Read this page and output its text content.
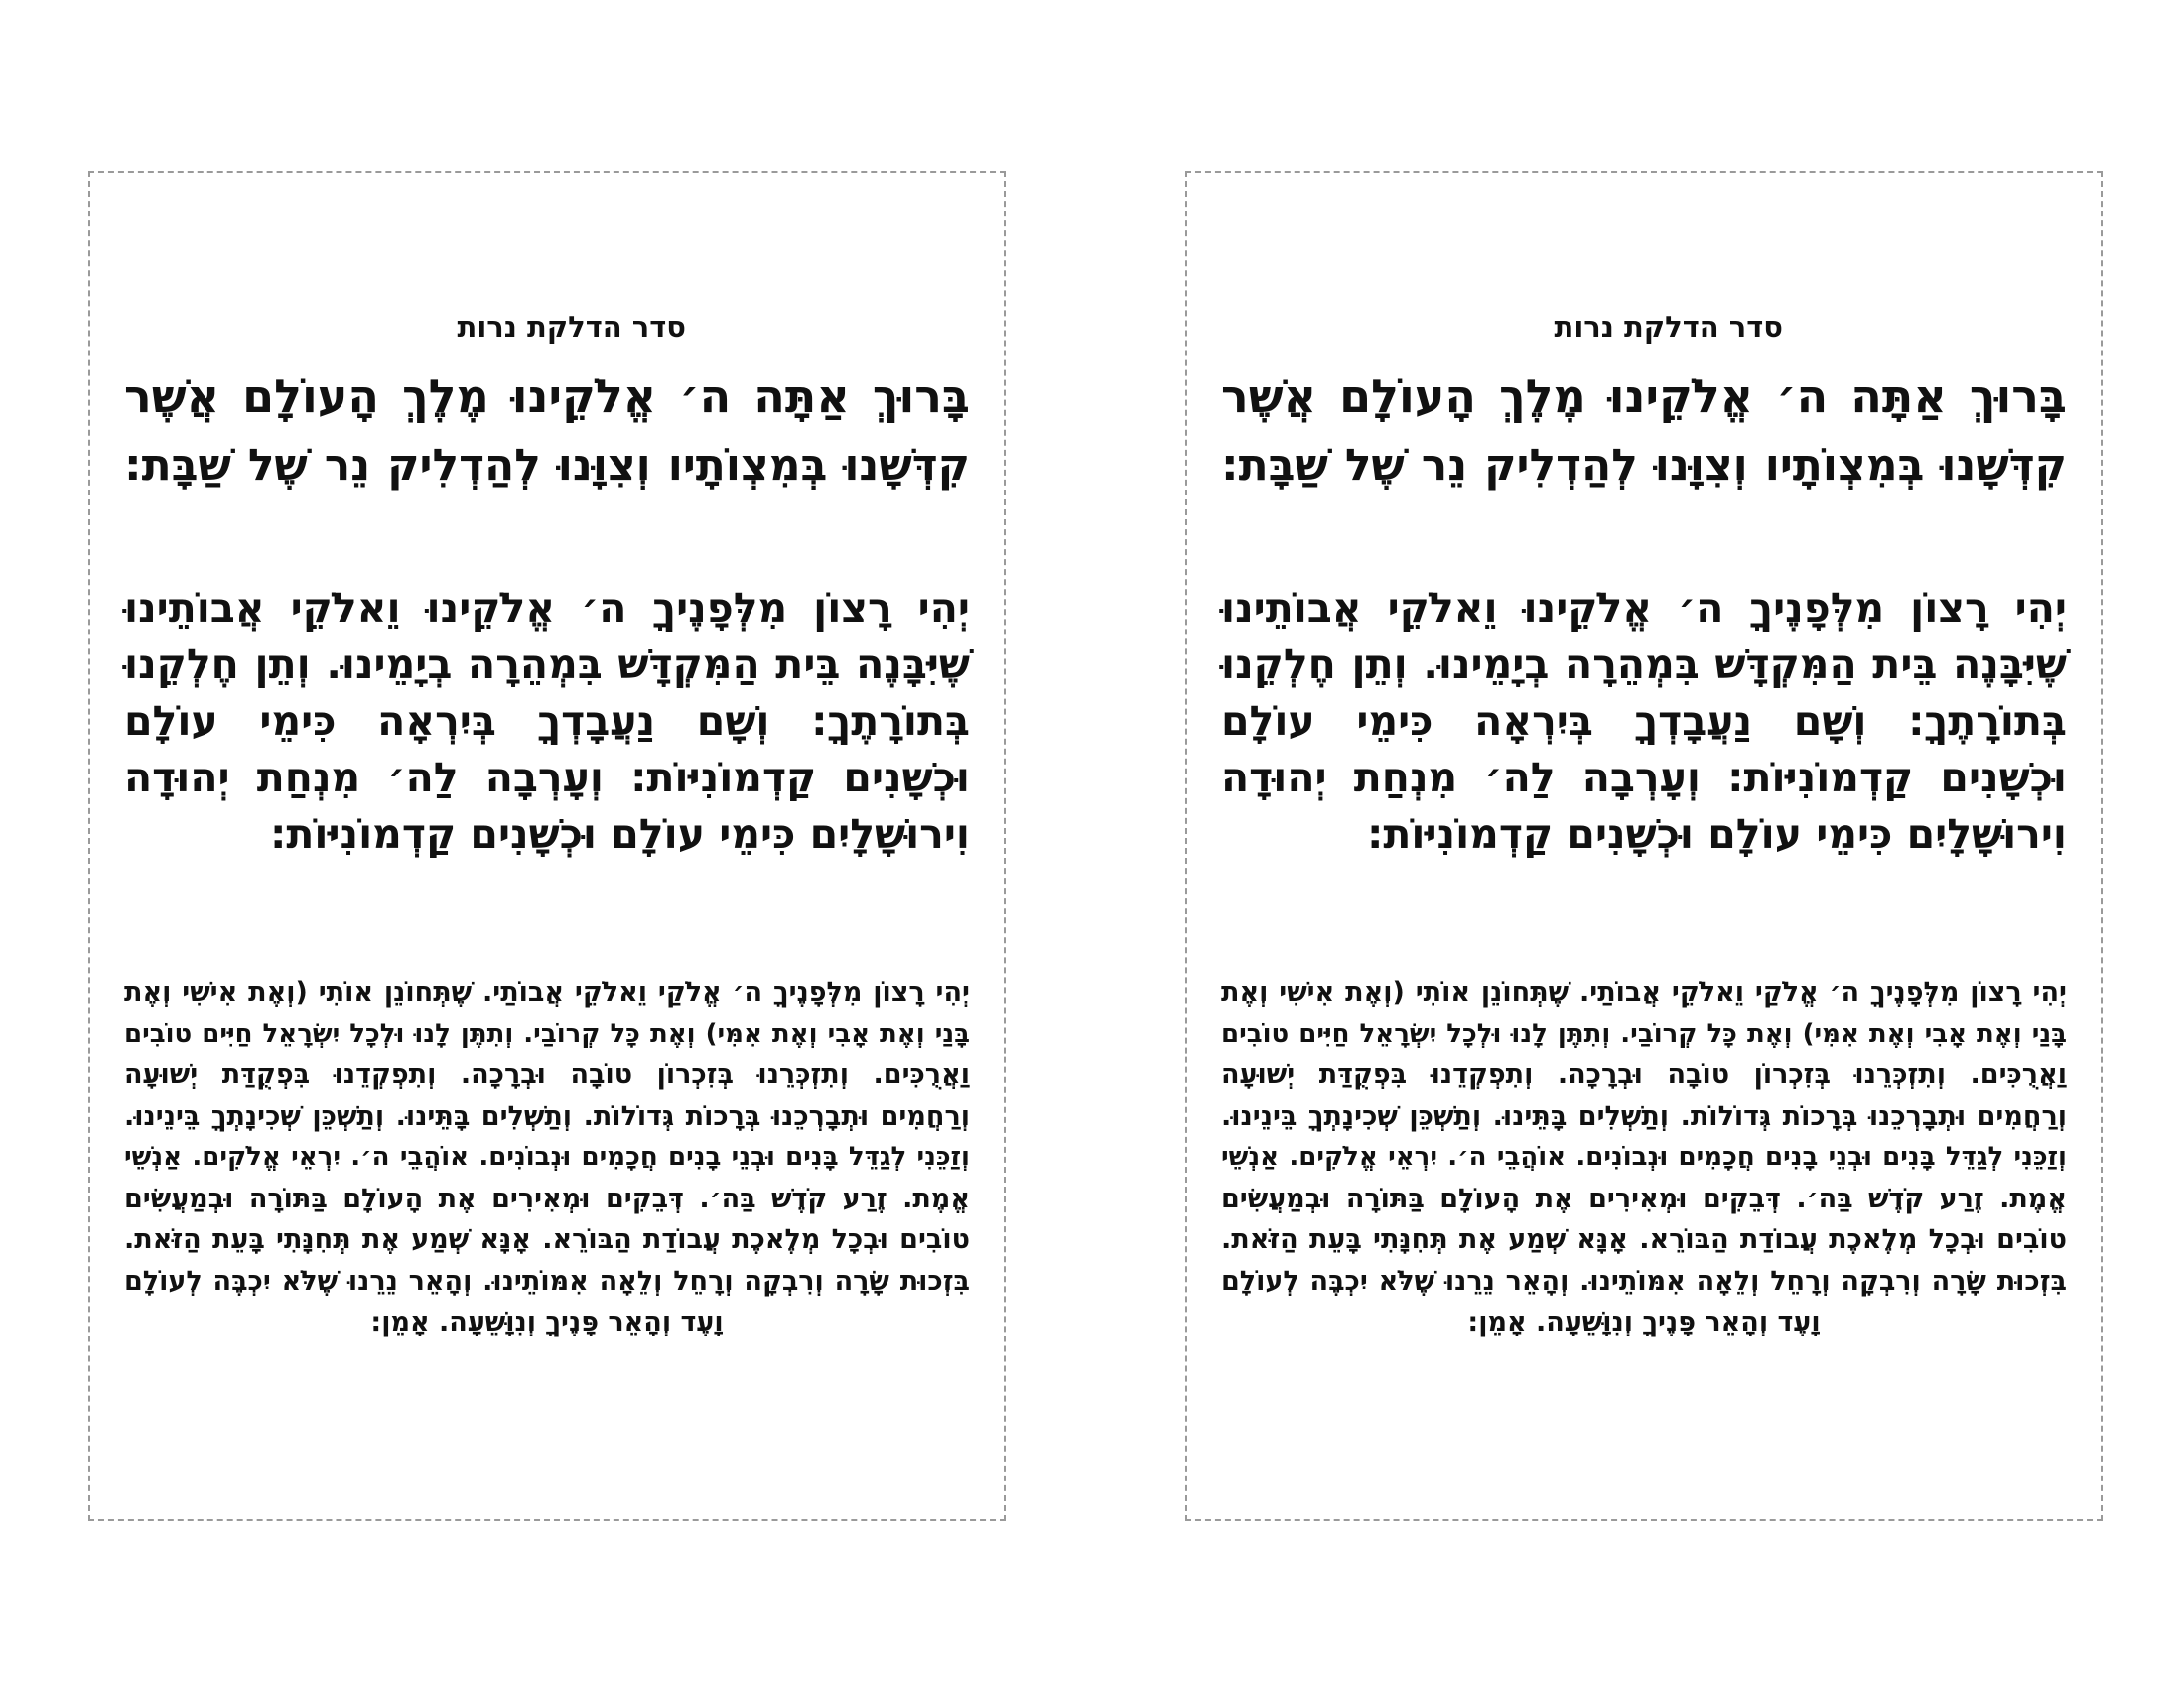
סדר הדלקת נרות
בָּרוּךְ אַתָּה ה׳ אֱלֹקֵינוּ מֶלֶךְ הָעוֹלָם אֲשֶׁר
קִדְּשָׁנוּ בְּמִצְוֹתָיו וְצִוָּנוּ לְהַדְלִיק נֵר שֶׁל שַׁבָּת:
יְהִי רָצוֹן מִלְּפָנֶיךָ ה׳ אֱלֹקֵינוּ וֵאלֹקֵי אֲבוֹתֵינוּ
שֶׁיִּבָּנֶה בֵּית הַמִּקְדָּשׁ בִּמְהֵרָה בְיָמֵינוּ. וְתֵן חֶלְקֵנוּ
בְּתוֹרָתֶךָ: וְשָׁם נַעֲבָדְךָ בְּיִרְאָה כִּימֵי עוֹלָם
וּכְשָׁנִים קַדְמוֹנִיּוֹת: וְעָרְבָה לַה׳ מִנְחַת יְהוּדָה
וִירוּשָׁלָיִם כִּימֵי עוֹלָם וּכְשָׁנִים קַדְמוֹנִיּוֹת:
יְהִי רָצוֹן מִלְּפָנֶיךָ ה׳ אֱלֹקַי וֵאלֹקֵי אֲבוֹתַי. שֶׁתְּחוֹנֵן אוֹתִי (וְאֶת אִישִׁי וְאֶת
בָּנַי וְאֶת אָבִי וְאֶת אִמִּי) וְאֶת כָּל קְרוֹבַי. וְתִתֶּן לָנוּ וּלְכָל יִשְׂרָאֵל חַיִּים טוֹבִים
וַאֲרֻכִּים. וְתִזְכְּרֵנוּ בְּזִכְרוֹן טוֹבָה וּבְרָכָה. וְתִפְקְדֵנוּ בִּפְקֻדַּת יְשׁוּעָה
וְרַחֲמִים וּתְבָרְכֵנוּ בְּרָכוֹת גְּדוֹלוֹת. וְתַשְׁלִים בָּתֵּינוּ. וְתַשְׁכֵּן שְׁכִינָתְךָ בֵּינֵינוּ.
וְזַכֵּנִי לְגַדֵּל בָּנִים וּבְנֵי בָנִים חֲכָמִים וּנְבוֹנִים. אוֹהֲבֵי ה׳. יִרְאֵי אֱלֹקִים. אַנְשֵׁי
אֱמֶת. זֶרַע קֹדֶשׁ בַּה׳. דְּבֵקִים וּמְאִירִים אֶת הָעוֹלָם בַּתּוֹרָה וּבְמַעֲשִׂים
טוֹבִים וּבְכָל מְלֶאכֶת עֲבוֹדַת הַבּוֹרֵא. אָנָּא שְׁמַע אֶת תְּחִנָּתִי בָּעֵת הַזֹּאת.
בִּזְכוּת שָׂרָה וְרִבְקָה וְרָחֵל וְלֵאָה אִמּוֹתֵינוּ. וְהָאֵר נֵרֵנוּ שֶׁלֹּא יִכְבֶּה לְעוֹלָם
וָעֶד וְהָאֵר פָּנֶיךָ וְנִוָּשֵׁעָה. אָמֵן:
סדר הדלקת נרות
בָּרוּךְ אַתָּה ה׳ אֱלֹקֵינוּ מֶלֶךְ הָעוֹלָם אֲשֶׁר
קִדְּשָׁנוּ בְּמִצְוֹתָיו וְצִוָּנוּ לְהַדְלִיק נֵר שֶׁל שַׁבָּת:
יְהִי רָצוֹן מִלְּפָנֶיךָ ה׳ אֱלֹקֵינוּ וֵאלֹקֵי אֲבוֹתֵינוּ
שֶׁיִּבָּנֶה בֵּית הַמִּקְדָּשׁ בִּמְהֵרָה בְיָמֵינוּ. וְתֵן חֶלְקֵנוּ
בְּתוֹרָתֶךָ: וְשָׁם נַעֲבָדְךָ בְּיִרְאָה כִּימֵי עוֹלָם
וּכְשָׁנִים קַדְמוֹנִיּוֹת: וְעָרְבָה לַה׳ מִנְחַת יְהוּדָה
וִירוּשָׁלָיִם כִּימֵי עוֹלָם וּכְשָׁנִים קַדְמוֹנִיּוֹת:
יְהִי רָצוֹן מִלְּפָנֶיךָ ה׳ אֱלֹקַי וֵאלֹקֵי אֲבוֹתַי. שֶׁתְּחוֹנֵן אוֹתִי (וְאֶת אִישִׁי וְאֶת
בָּנַי וְאֶת אָבִי וְאֶת אִמִּי) וְאֶת כָּל קְרוֹבַי. וְתִתֶּן לָנוּ וּלְכָל יִשְׂרָאֵל חַיִּים טוֹבִים
וַאֲרֻכִּים. וְתִזְכְּרֵנוּ בְּזִכְרוֹן טוֹבָה וּבְרָכָה. וְתִפְקְדֵנוּ בִּפְקֻדַּת יְשׁוּעָה
וְרַחֲמִים וּתְבָרְכֵנוּ בְּרָכוֹת גְּדוֹלוֹת. וְתַשְׁלִים בָּתֵּינוּ. וְתַשְׁכֵּן שְׁכִינָתְךָ בֵּינֵינוּ.
וְזַכֵּנִי לְגַדֵּל בָּנִים וּבְנֵי בָנִים חֲכָמִים וּנְבוֹנִים. אוֹהֲבֵי ה׳. יִרְאֵי אֱלֹקִים. אַנְשֵׁי
אֱמֶת. זֶרַע קֹדֶשׁ בַּה׳. דְּבֵקִים וּמְאִירִים אֶת הָעוֹלָם בַּתּוֹרָה וּבְמַעֲשִׂים
טוֹבִים וּבְכָל מְלֶאכֶת עֲבוֹדַת הַבּוֹרֵא. אָנָּא שְׁמַע אֶת תְּחִנָּתִי בָּעֵת הַזֹּאת.
בִּזְכוּת שָׂרָה וְרִבְקָה וְרָחֵל וְלֵאָה אִמּוֹתֵינוּ. וְהָאֵר נֵרֵנוּ שֶׁלֹּא יִכְבֶּה לְעוֹלָם
וָעֶד וְהָאֵר פָּנֶיךָ וְנִוָּשֵׁעָה. אָמֵן:
